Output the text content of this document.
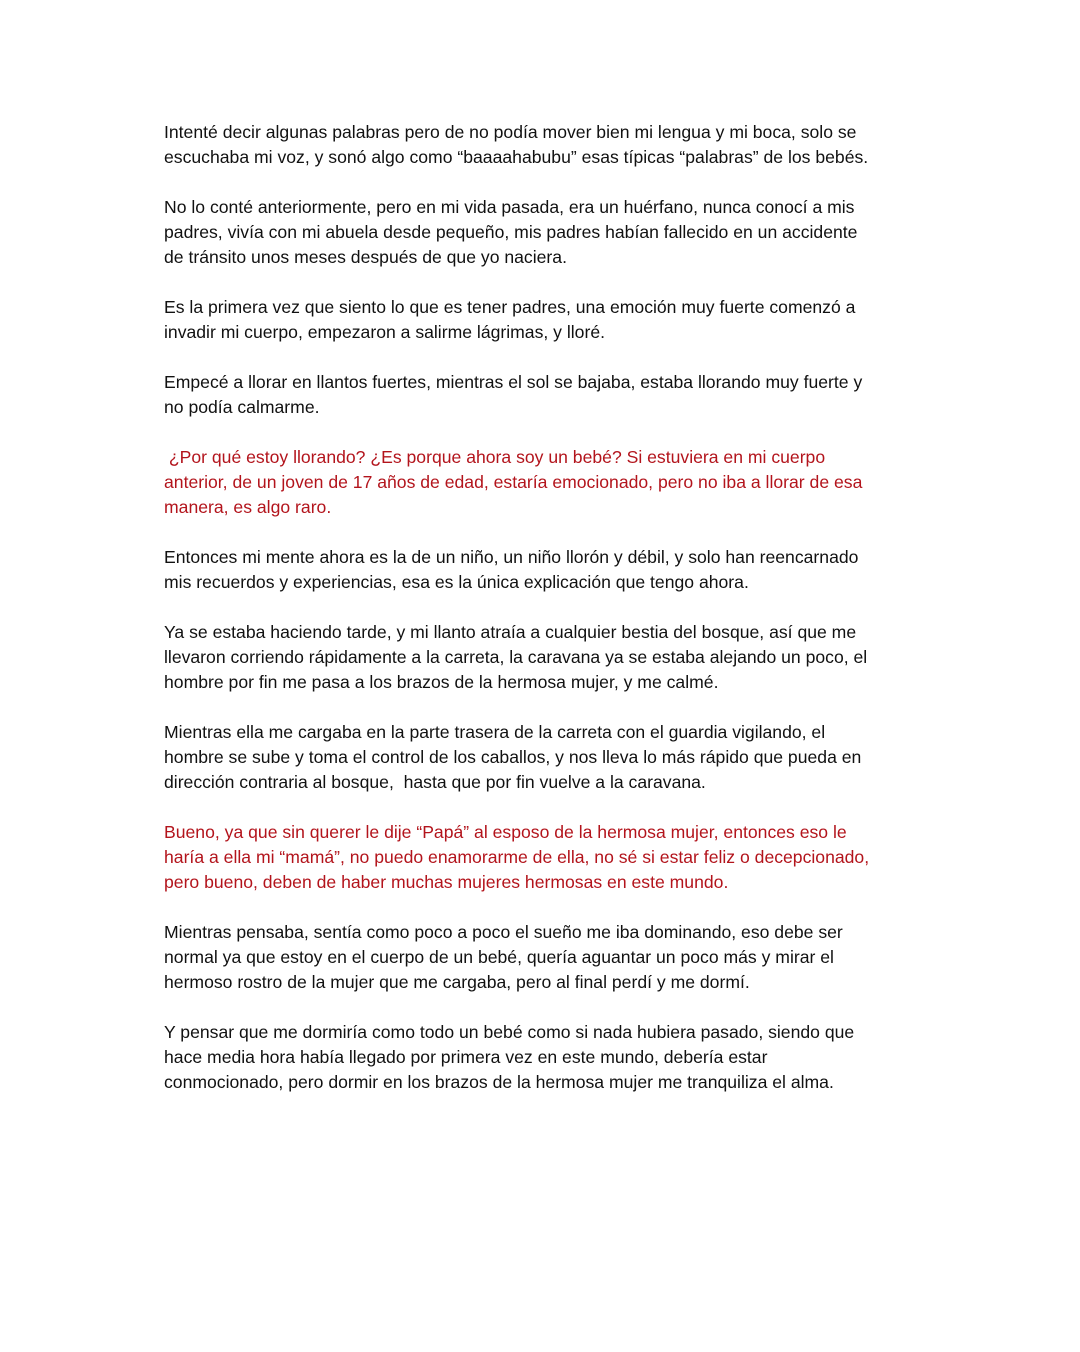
Intenté decir algunas palabras pero de no podía mover bien mi lengua y mi boca, solo se
escuchaba mi voz, y sonó algo como “baaaahabubu” esas típicas “palabras” de los bebés.

No lo conté anteriormente, pero en mi vida pasada, era un huérfano, nunca conocí a mis
padres, vivía con mi abuela desde pequeño, mis padres habían fallecido en un accidente
de tránsito unos meses después de que yo naciera.

Es la primera vez que siento lo que es tener padres, una emoción muy fuerte comenzó a
invadir mi cuerpo, empezaron a salirme lágrimas, y lloré.

Empecé a llorar en llantos fuertes, mientras el sol se bajaba, estaba llorando muy fuerte y
no podía calmarme.

¿Por qué estoy llorando? ¿Es porque ahora soy un bebé? Si estuviera en mi cuerpo
anterior, de un joven de 17 años de edad, estaría emocionado, pero no iba a llorar de esa
manera, es algo raro.

Entonces mi mente ahora es la de un niño, un niño llorón y débil, y solo han reencarnado
mis recuerdos y experiencias, esa es la única explicación que tengo ahora.

Ya se estaba haciendo tarde, y mi llanto atraía a cualquier bestia del bosque, así que me
llevaron corriendo rápidamente a la carreta, la caravana ya se estaba alejando un poco, el
hombre por fin me pasa a los brazos de la hermosa mujer, y me calmé.

Mientras ella me cargaba en la parte trasera de la carreta con el guardia vigilando, el
hombre se sube y toma el control de los caballos, y nos lleva lo más rápido que pueda en
dirección contraria al bosque,  hasta que por fin vuelve a la caravana.

Bueno, ya que sin querer le dije “Papá” al esposo de la hermosa mujer, entonces eso le
haría a ella mi “mamá”, no puedo enamorarme de ella, no sé si estar feliz o decepcionado,
pero bueno, deben de haber muchas mujeres hermosas en este mundo.

Mientras pensaba, sentía como poco a poco el sueño me iba dominando, eso debe ser
normal ya que estoy en el cuerpo de un bebé, quería aguantar un poco más y mirar el
hermoso rostro de la mujer que me cargaba, pero al final perdí y me dormí.

Y pensar que me dormiría como todo un bebé como si nada hubiera pasado, siendo que
hace media hora había llegado por primera vez en este mundo, debería estar
conmocionado, pero dormir en los brazos de la hermosa mujer me tranquiliza el alma.
